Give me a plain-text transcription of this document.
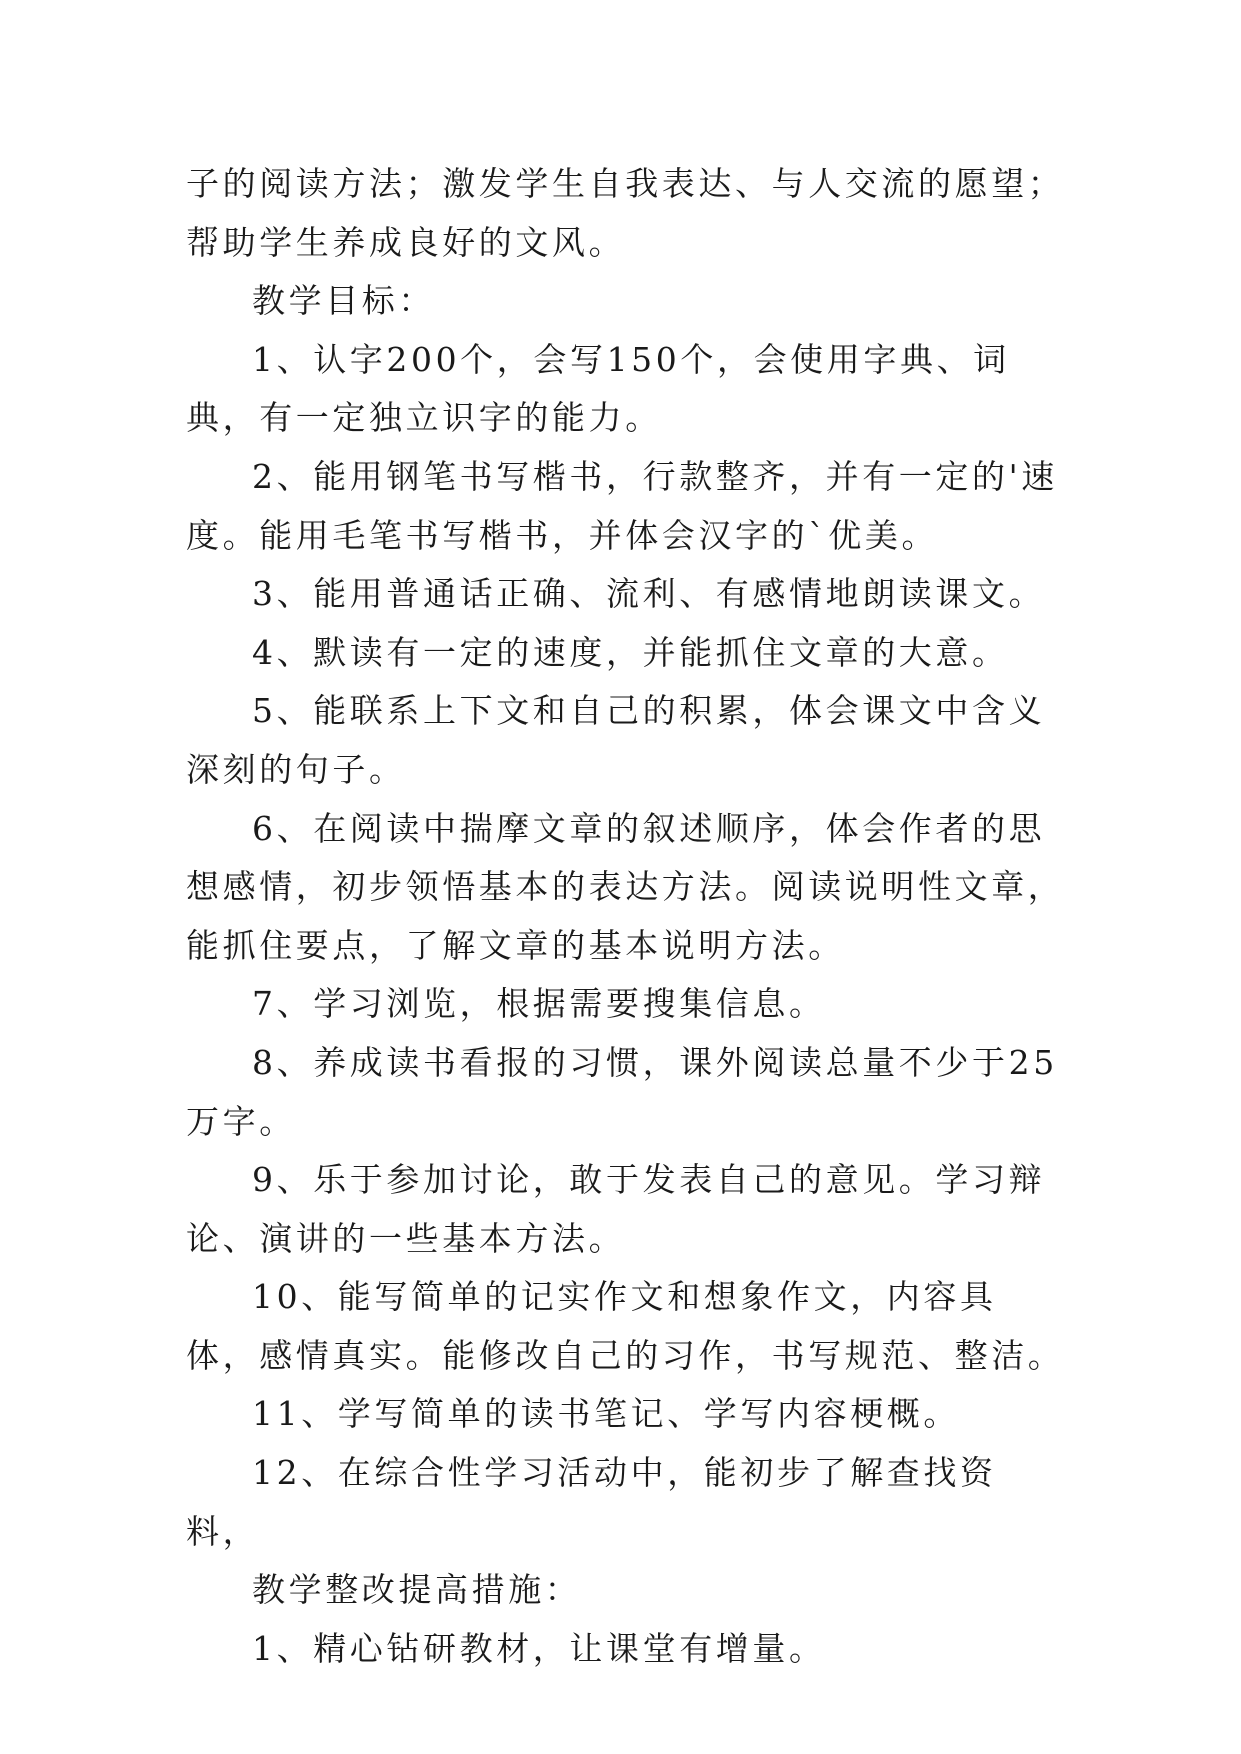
子的阅读方法；激发学生自我表达、与人交流的愿望；帮助学生养成良好的文风。

教学目标：

1、认字200个，会写150个，会使用字典、词典，有一定独立识字的能力。

2、能用钢笔书写楷书，行款整齐，并有一定的'速度。能用毛笔书写楷书，并体会汉字的`优美。

3、能用普通话正确、流利、有感情地朗读课文。

4、默读有一定的速度，并能抓住文章的大意。

5、能联系上下文和自己的积累，体会课文中含义深刻的句子。

6、在阅读中揣摩文章的叙述顺序，体会作者的思想感情，初步领悟基本的表达方法。阅读说明性文章，能抓住要点，了解文章的基本说明方法。

7、学习浏览，根据需要搜集信息。

8、养成读书看报的习惯，课外阅读总量不少于25万字。

9、乐于参加讨论，敢于发表自己的意见。学习辩论、演讲的一些基本方法。

10、能写简单的记实作文和想象作文，内容具体，感情真实。能修改自己的习作，书写规范、整洁。

11、学写简单的读书笔记、学写内容梗概。

12、在综合性学习活动中，能初步了解查找资料，

教学整改提高措施：

1、精心钻研教材，让课堂有增量。
